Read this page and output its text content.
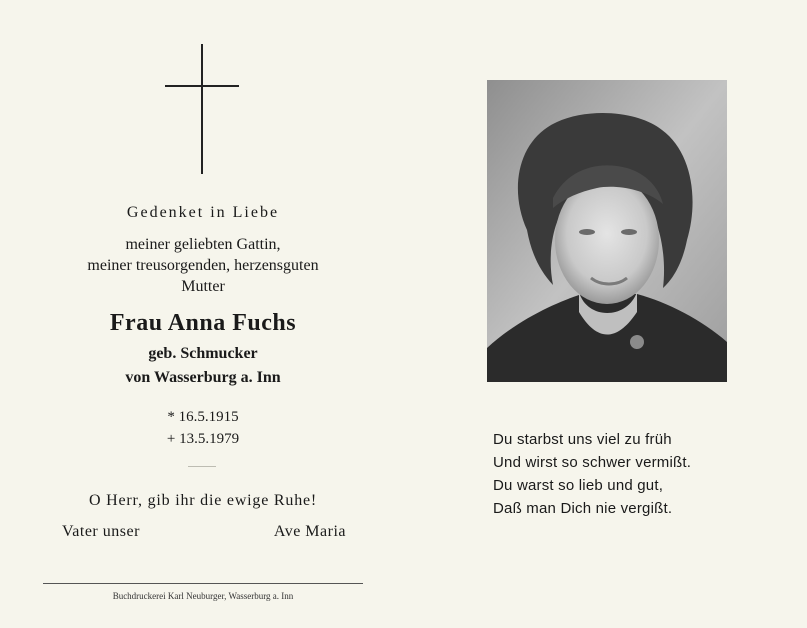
Gedenket in Liebe
meiner geliebten Gattin,
meiner treusorgenden, herzensguten
Mutter
Frau Anna Fuchs
geb. Schmucker
von Wasserburg a. Inn
* 16.5.1915
+ 13.5.1979
O Herr, gib ihr die ewige Ruhe!
Vater unser	Ave Maria
Buchdruckerei Karl Neuburger, Wasserburg a. Inn
Du starbst uns viel zu früh
Und wirst so schwer vermißt.
Du warst so lieb und gut,
Daß man Dich nie vergißt.
